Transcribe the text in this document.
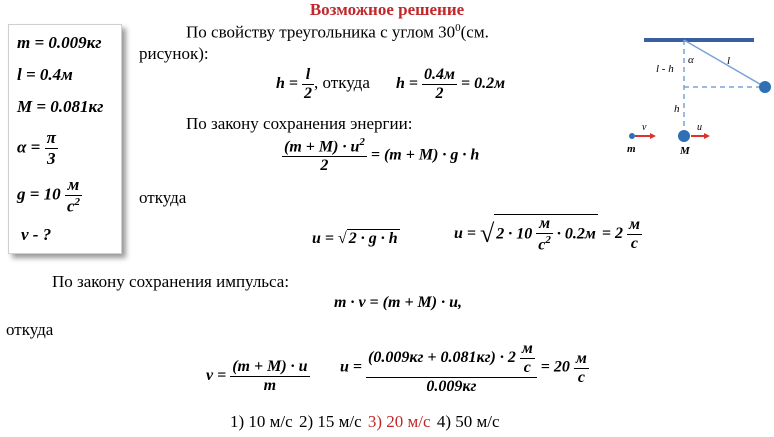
Возможное решение
m = 0.009кг
l = 0.4м
M = 0.081кг
$\alpha = \frac{\pi}{3}$
$g = 10 \frac{м}{c^2}$
v - ?
По свойству треугольника с углом $30^0(см$.
рисунок):
$h = \frac{l}{2}$ , откуда $h = \frac{0.4м}{2} = 0.2м$
По закону сохранения энергии:
$\frac{(m + M) \cdot u^2}{2} = (m + M) \cdot g \cdot h$
откуда
u = √ 2 · g · h	u = √ $2 \cdot 10 \frac{м}{c^2} \cdot 0.2м = 2 \frac{м}{c}$
По закону сохранения импульса:
m · v = (m + M) · u,
откуда
$v = \frac{(m + M) \cdot u}{m}$ $u = \frac{(0.009кг + 0.081кг) \cdot 2 \frac{м}{c}}{0.009кг} = 20 \frac{м}{c}$
1) 10 м/с 2) 15 м/с 3) 20 м/с 4) 50 м/с
l - h
α	l
h
m	M
v	u
